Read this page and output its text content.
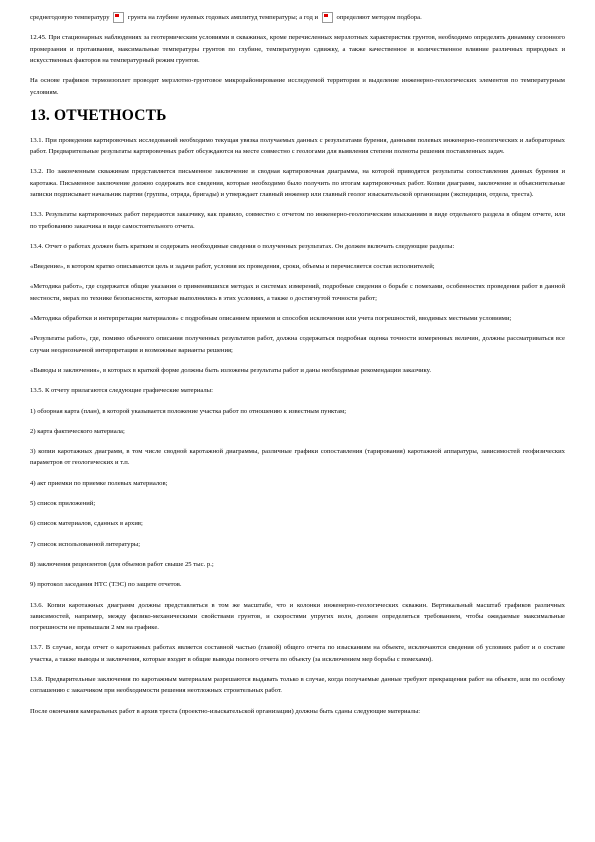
среднегодовую температуру	грунта на глубине нулевых годовых амплитуд температуры; a год и	определяют методом подбора.

12.45. При стационарных наблюдениях за геотермическим условиями в скважинах, кроме перечисленных мерзлотных характеристик грунтов, необходимо определять динамику сезонного промерзания и протаивания, максимальные температуры грунтов по глубине, температурную сдвижку, а также качественное и количественное влияние различных природных и искусственных факторов на температурный режим грунтов.

На основе графиков термоизоплет проводят мерзлотно-грунтовое микрорайонирование исследуемой территории и выделение инженерно-геологических элементов по температурным условиям.

13. ОТЧЕТНОСТЬ

13.1. При проведении картировочных исследований необходимо текущая увязка получаемых данных с результатами бурения, данными полевых инженерно-геологических и лабораторных работ. Предварительные результаты картировочных работ обсуждаются на месте совместно с геологами для выявления степени полноты решения поставленных задач.

13.2. По законченным скважинам представляется письменное заключение и сводная картировочная диаграмма, на которой приводятся результаты сопоставления данных бурения и каротажа. Письменное заключение должно содержать все сведения, которые необходимо было получить по итогам картировочных работ. Копии диаграмм, заключение и объяснительные записки подписывает начальник партии (группы, отряда, бригады) и утверждает главный инженер или главный геолог изыскательской организации (экспедиции, отдела, треста).

13.3. Результаты картировочных работ передаются заказчику, как правило, совместно с отчетом по инженерно-геологическим изысканиям в виде отдельного раздела в общем отчете, или по требованию заказчика в виде самостоятельного отчета.

13.4. Отчет о работах должен быть кратким и содержать необходимые сведения о полученных результатах. Он должен включать следующие разделы:

«Введение», в котором кратко описываются цель и задачи работ, условия их проведения, сроки, объемы и перечисляется состав исполнителей;

«Методика работ», где содержатся общие указания о применявшихся методах и системах измерений, подробные сведения о борьбе с помехами, особенностях проведения работ в данной местности, мерах по технике безопасности, которые выполнялись в этих условиях, а также о достигнутой точности работ;

«Методика обработки и интерпретации материалов» с подробным описанием приемов и способов исключения или учета погрешностей, вводимых местными условиями;

«Результаты работ», где, помимо обычного описания полученных результатов работ, должна содержаться подробная оценка точности измеренных величин, должны рассматриваться все случаи неоднозначной интерпретации и возможные варианты решения;

«Выводы и заключения», в которых в краткой форме должны быть изложены результаты работ и даны необходимые рекомендации заказчику.

13.5. К отчету прилагаются следующие графические материалы:

1) обзорная карта (план), в которой указывается положение участка работ по отношению к известным пунктам;

2) карта фактического материала;

3) копии каротажных диаграмм, в том числе сводной каротажной диаграммы, различные графики сопоставления (тарирования) каротажной аппаратуры, зависимостей геофизических параметров от геологических и т.п.

4) акт приемки по приемке полевых материалов;

5) список приложений;

6) список материалов, сданных в архив;

7) список использованной литературы;

8) заключения рецензентов (для объемов работ свыше 25 тыс. р.;

9) протокол заседания НТС (ТЭС) по защите отчетов.

13.6. Копии каротажных диаграмм должны представляться в том же масштабе, что и колонки инженерно-геологических скважин. Вертикальный масштаб графиков различных зависимостей, например, между физико-механическими свойствами грунтов, и скоростями упругих волн, должен определяться требованием, чтобы ожидаемые максимальные погрешности не превышали 2 мм на графике.

13.7. В случае, когда отчет о каротажных работах является составной частью (главой) общего отчета по изысканиям на объекте, исключаются сведения об условиях работ и о составе участка, а также выводы и заключения, которые входят в общие выводы полного отчета по объекту (за исключением мер борьбы с помехами).

13.8. Предварительные заключения по каротажным материалам разрешаются выдавать только в случае, когда получаемые данные требуют прекращения работ на объекте, или по особому соглашению с заказчиком при необходимости решения неотложных строительных работ.

После окончания камеральных работ в архив треста (проектно-изыскательской организации) должны быть сданы следующие материалы:
